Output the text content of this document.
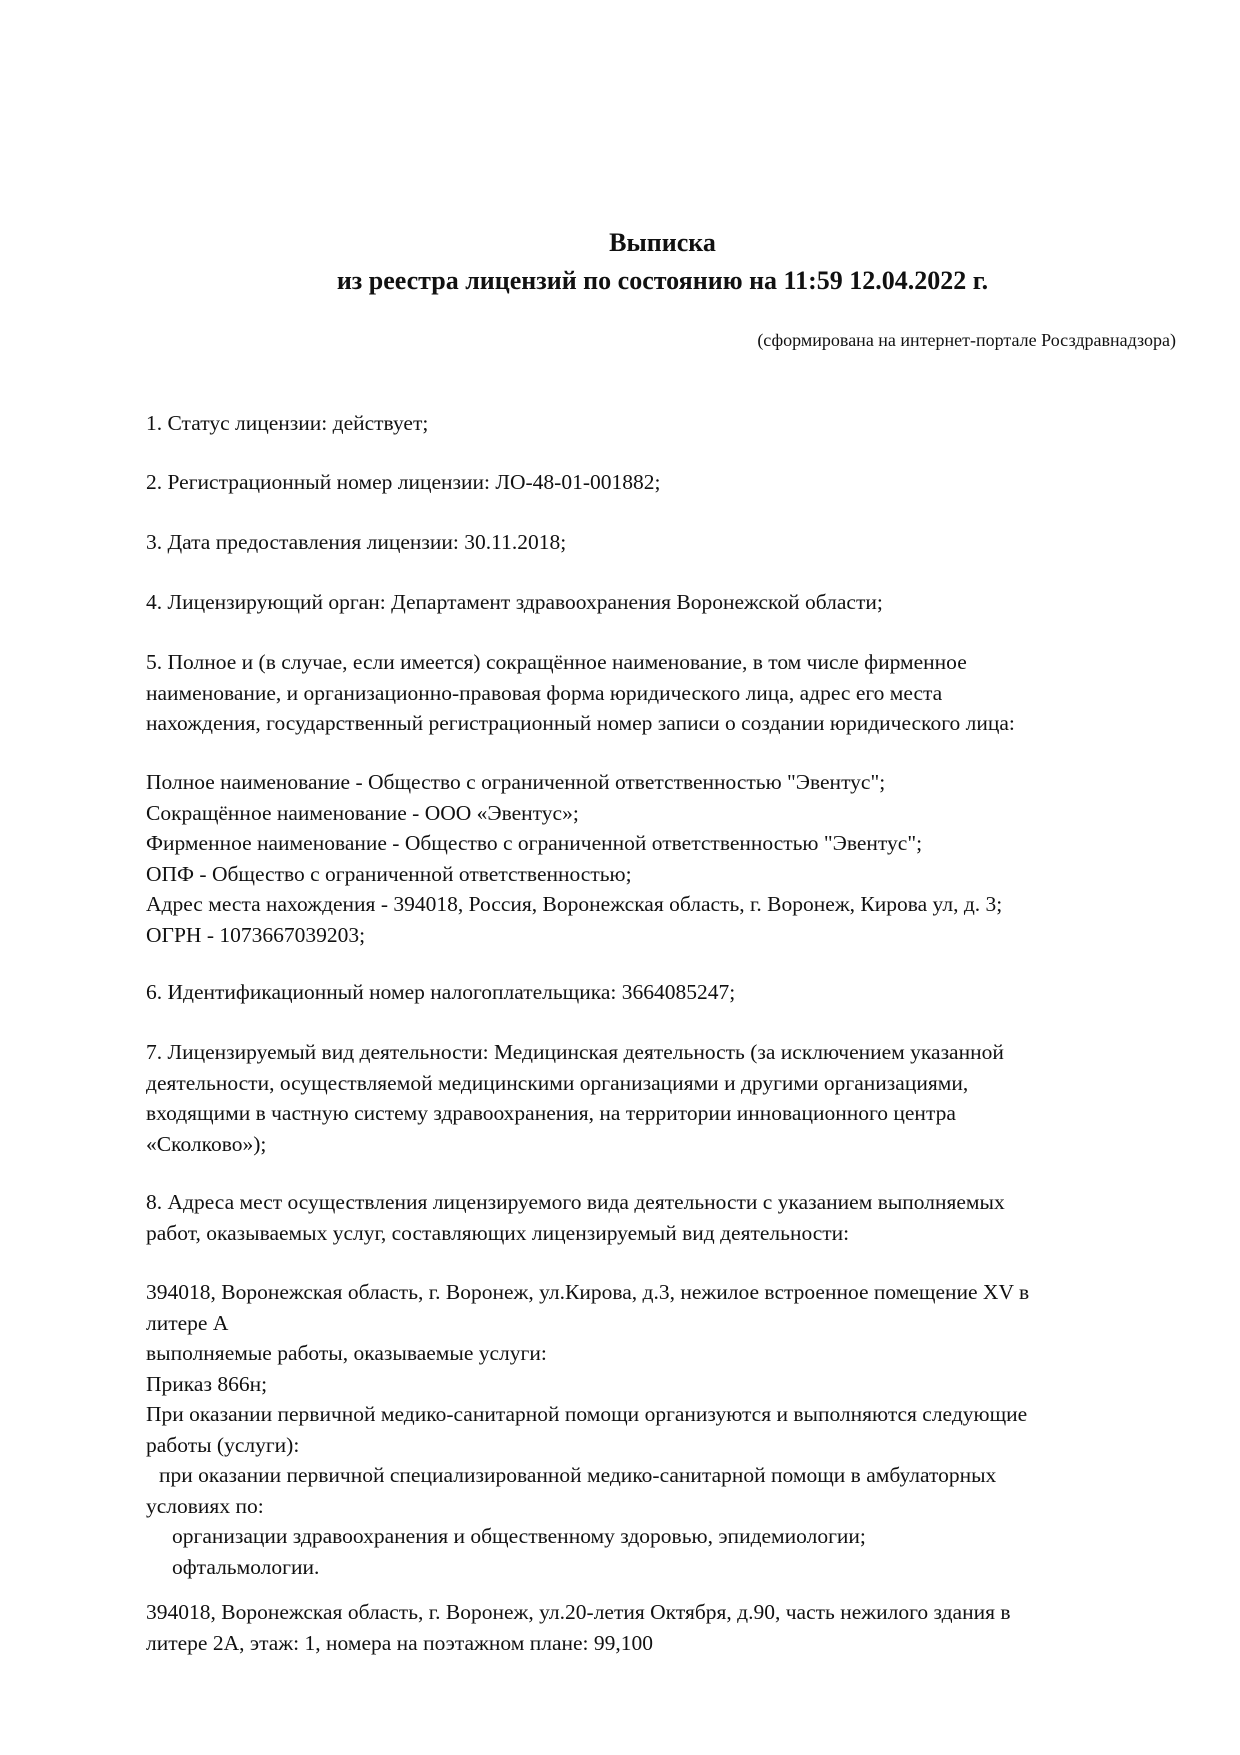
Выписка
из реестра лицензий по состоянию на 11:59 12.04.2022 г.
(сформирована на интернет-портале Росздравнадзора)
1. Статус лицензии: действует;
2. Регистрационный номер лицензии: ЛО-48-01-001882;
3. Дата предоставления лицензии: 30.11.2018;
4. Лицензирующий орган: Департамент здравоохранения Воронежской области;
5. Полное и (в случае, если имеется) сокращённое наименование, в том числе фирменное
наименование, и организационно-правовая форма юридического лица, адрес его места
нахождения, государственный регистрационный номер записи о создании юридического лица:
Полное наименование - Общество с ограниченной ответственностью "Эвентус";
Сокращённое наименование - ООО «Эвентус»;
Фирменное наименование - Общество с ограниченной ответственностью "Эвентус";
ОПФ - Общество с ограниченной ответственностью;
Адрес места нахождения - 394018, Россия, Воронежская область, г. Воронеж, Кирова ул, д. 3;
ОГРН - 1073667039203;
6. Идентификационный номер налогоплательщика: 3664085247;
7. Лицензируемый вид деятельности: Медицинская деятельность (за исключением указанной
деятельности, осуществляемой медицинскими организациями и другими организациями,
входящими в частную систему здравоохранения, на территории инновационного центра
«Сколково»);
8. Адреса мест осуществления лицензируемого вида деятельности с указанием выполняемых
работ, оказываемых услуг, составляющих лицензируемый вид деятельности:
394018, Воронежская область, г. Воронеж, ул.Кирова, д.3, нежилое встроенное помещение XV в
литере А
выполняемые работы, оказываемые услуги:
Приказ 866н;
При оказании первичной медико-санитарной помощи организуются и выполняются следующие
работы (услуги):
при оказании первичной специализированной медико-санитарной помощи в амбулаторных
условиях по:
организации здравоохранения и общественному здоровью, эпидемиологии;
офтальмологии.
394018, Воронежская область, г. Воронеж, ул.20-летия Октября, д.90, часть нежилого здания в
литере 2А, этаж: 1, номера на поэтажном плане: 99,100
